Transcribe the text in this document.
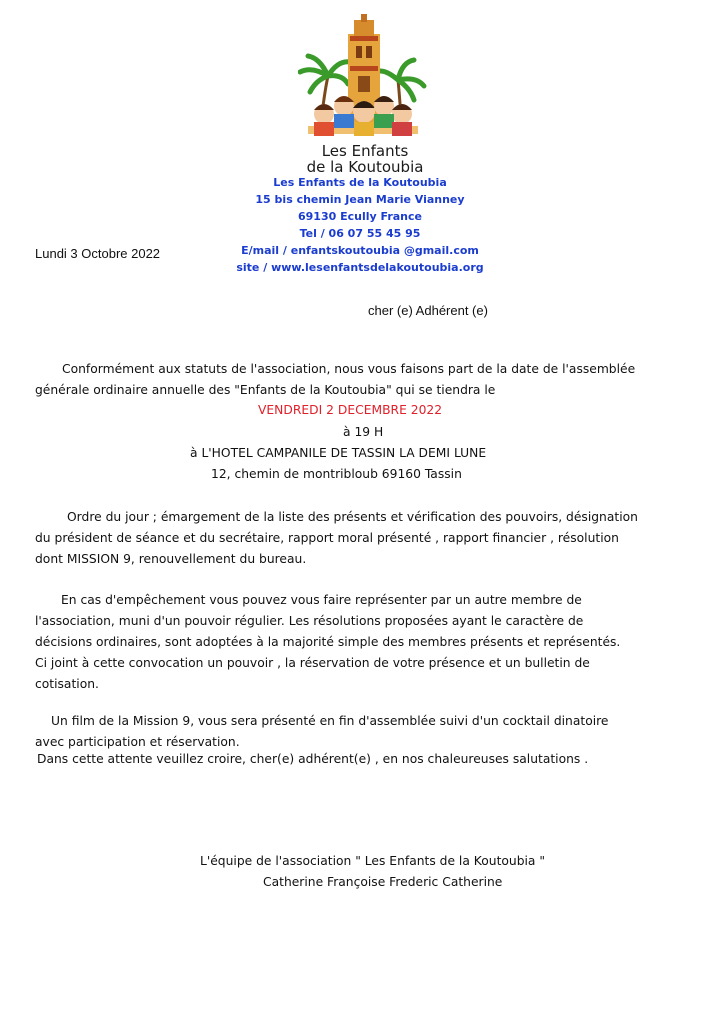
Les Enfants
de la Koutoubia
Les Enfants de la Koutoubia
15 bis chemin Jean Marie Vianney
69130 Ecully France
Tel / 06 07 55 45 95
E/mail / enfantskoutoubia @gmail.com
site / www.lesenfantsdelakoutoubia.org
Lundi 3 Octobre 2022
cher (e) Adhérent (e)
Conformément aux statuts de l'association, nous vous faisons part de la date de l'assemblée
générale ordinaire annuelle des "Enfants de la Koutoubia" qui se tiendra le
VENDREDI 2 DECEMBRE 2022
à 19 H
à L'HOTEL CAMPANILE DE TASSIN LA DEMI LUNE
12, chemin de montribloub 69160 Tassin
Ordre du jour ; émargement de la liste des présents et vérification des pouvoirs, désignation
du président de séance et du secrétaire, rapport moral présenté , rapport financier , résolution
dont MISSION 9, renouvellement du bureau.
En cas d'empêchement vous pouvez vous faire représenter par un autre membre de
l'association, muni d'un pouvoir régulier. Les résolutions proposées ayant le caractère de
décisions ordinaires, sont adoptées à la majorité simple des membres présents et représentés.
Ci joint à cette convocation un pouvoir , la réservation de votre présence et un bulletin de
cotisation.
Un film de la Mission 9, vous sera présenté en fin d'assemblée suivi d'un cocktail dinatoire
avec participation et réservation.
Dans cette attente veuillez croire, cher(e) adhérent(e) , en nos chaleureuses salutations .
L'équipe de l'association " Les Enfants de la Koutoubia "
Catherine Françoise Frederic Catherine
